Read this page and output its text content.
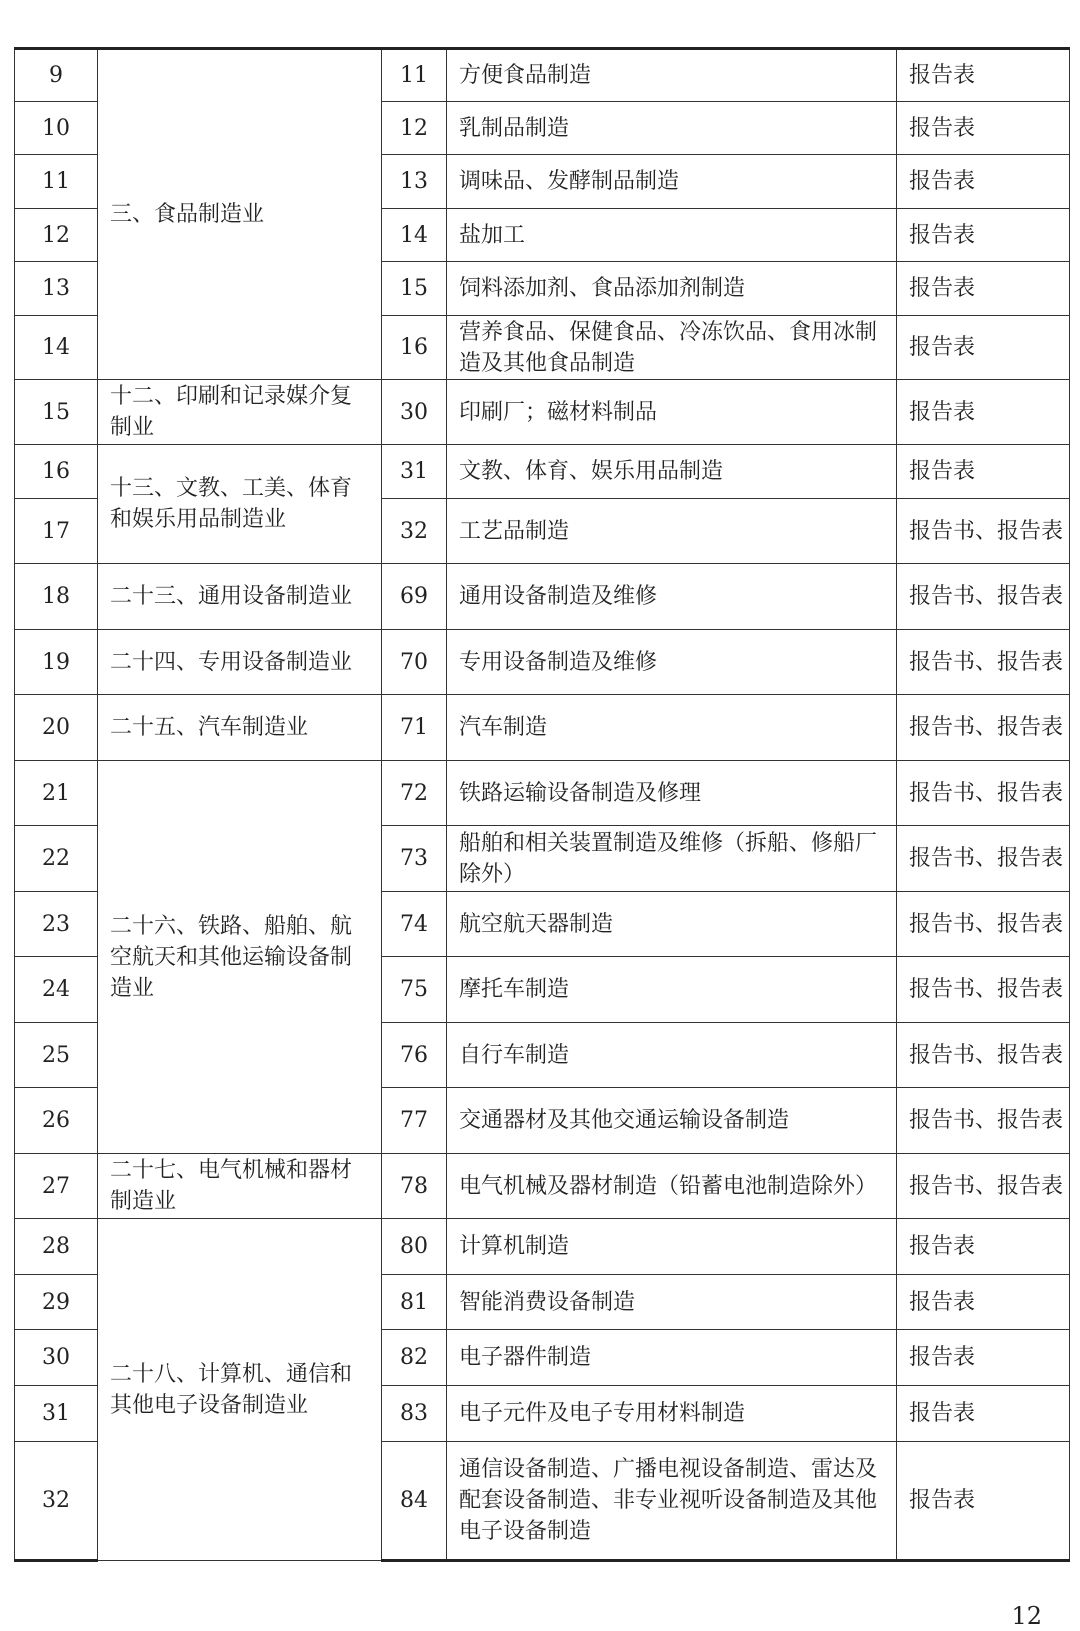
9	三、食品制造业	11	方便食品制造	报告表
10		12	乳制品制造	报告表
11		13	调味品、发酵制品制造	报告表
12		14	盐加工	报告表
13		15	饲料添加剂、食品添加剂制造	报告表
14		16	营养食品、保健食品、冷冻饮品、食用冰制造及其他食品制造	报告表
15	十二、印刷和记录媒介复制业	30	印刷厂；磁材料制品	报告表
16	十三、文教、工美、体育和娱乐用品制造业	31	文教、体育、娱乐用品制造	报告表
17		32	工艺品制造	报告书、报告表
18	二十三、通用设备制造业	69	通用设备制造及维修	报告书、报告表
19	二十四、专用设备制造业	70	专用设备制造及维修	报告书、报告表
20	二十五、汽车制造业	71	汽车制造	报告书、报告表
21	二十六、铁路、船舶、航空航天和其他运输设备制造业	72	铁路运输设备制造及修理	报告书、报告表
22		73	船舶和相关装置制造及维修（拆船、修船厂除外）	报告书、报告表
23		74	航空航天器制造	报告书、报告表
24		75	摩托车制造	报告书、报告表
25		76	自行车制造	报告书、报告表
26		77	交通器材及其他交通运输设备制造	报告书、报告表
27	二十七、电气机械和器材制造业	78	电气机械及器材制造（铅蓄电池制造除外）	报告书、报告表
28	二十八、计算机、通信和其他电子设备制造业	80	计算机制造	报告表
29		81	智能消费设备制造	报告表
30		82	电子器件制造	报告表
31		83	电子元件及电子专用材料制造	报告表
32		84	通信设备制造、广播电视设备制造、雷达及配套设备制造、非专业视听设备制造及其他电子设备制造	报告表
12
